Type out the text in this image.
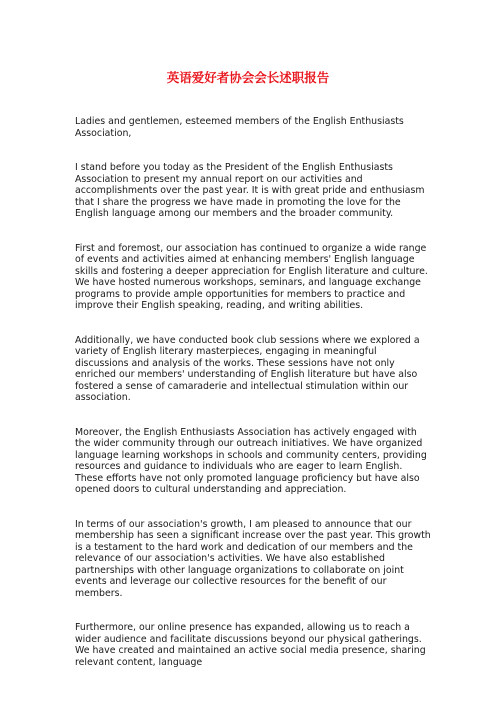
英语爱好者协会会长述职报告

Ladies and gentlemen, esteemed members of the English Enthusiasts Association,

I stand before you today as the President of the English Enthusiasts Association to present my annual report on our activities and accomplishments over the past year. It is with great pride and enthusiasm that I share the progress we have made in promoting the love for the English language among our members and the broader community.

First and foremost, our association has continued to organize a wide range of events and activities aimed at enhancing members' English language skills and fostering a deeper appreciation for English literature and culture. We have hosted numerous workshops, seminars, and language exchange programs to provide ample opportunities for members to practice and improve their English speaking, reading, and writing abilities.

Additionally, we have conducted book club sessions where we explored a variety of English literary masterpieces, engaging in meaningful discussions and analysis of the works. These sessions have not only enriched our members' understanding of English literature but have also fostered a sense of camaraderie and intellectual stimulation within our association.

Moreover, the English Enthusiasts Association has actively engaged with the wider community through our outreach initiatives. We have organized language learning workshops in schools and community centers, providing resources and guidance to individuals who are eager to learn English. These efforts have not only promoted language proficiency but have also opened doors to cultural understanding and appreciation.

In terms of our association's growth, I am pleased to announce that our membership has seen a significant increase over the past year. This growth is a testament to the hard work and dedication of our members and the relevance of our association's activities. We have also established partnerships with other language organizations to collaborate on joint events and leverage our collective resources for the benefit of our members.

Furthermore, our online presence has expanded, allowing us to reach a wider audience and facilitate discussions beyond our physical gatherings. We have created and maintained an active social media presence, sharing relevant content, language
